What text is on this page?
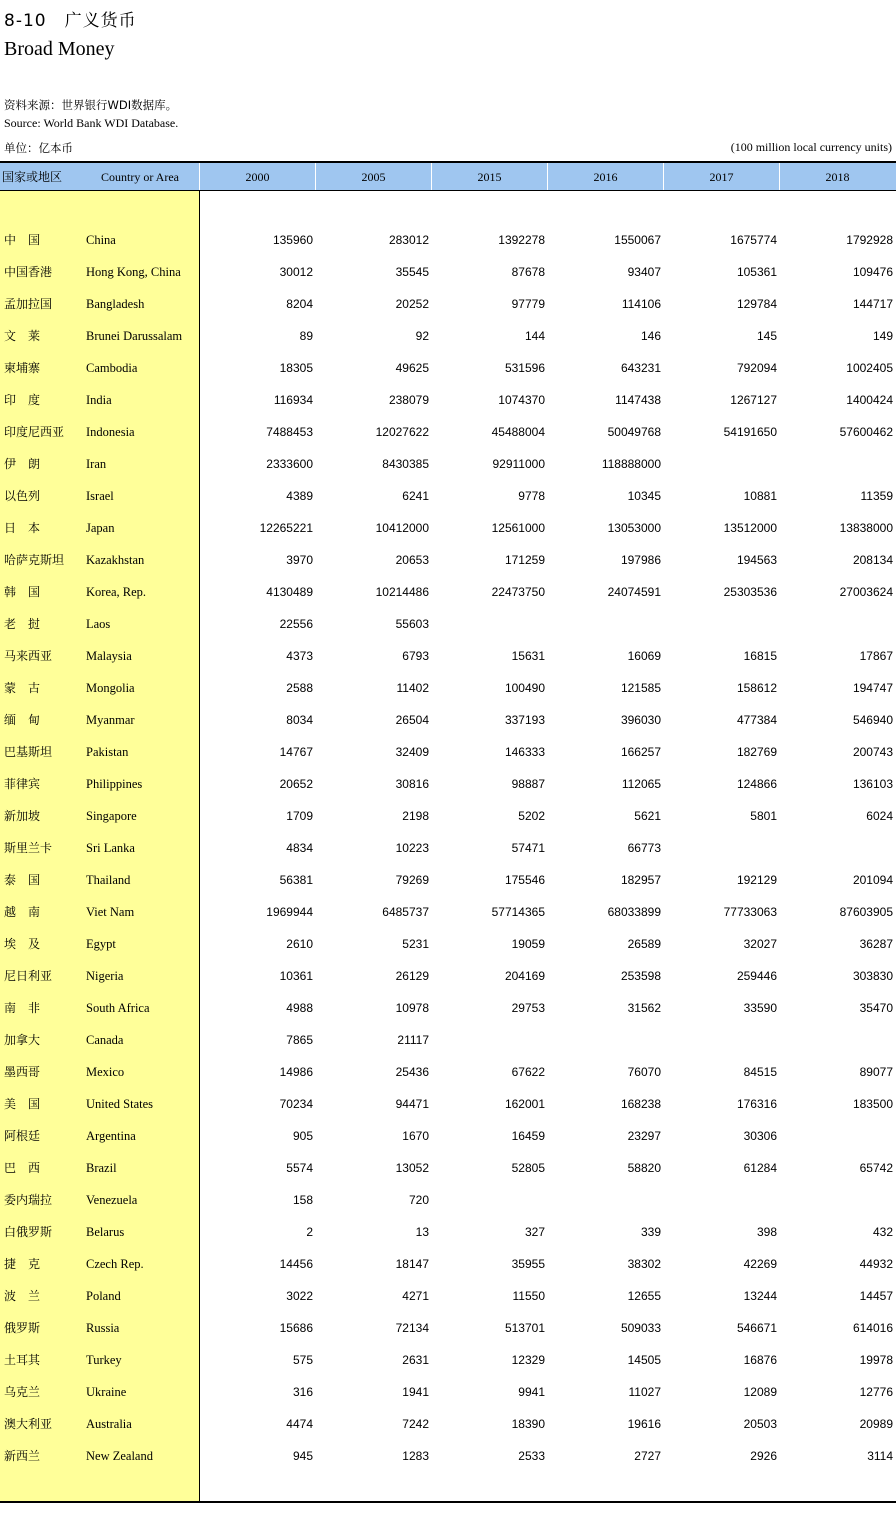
8-10　广义货币
Broad Money
资料来源：世界银行WDI数据库。
Source: World Bank WDI Database.
单位：亿本币	(100 million local currency units)
国家或地区	Country or Area	2000	2005	2015	2016	2017	2018
中　国	China	135960	283012	1392278	1550067	1675774	1792928
中国香港	Hong Kong, China	30012	35545	87678	93407	105361	109476
孟加拉国	Bangladesh	8204	20252	97779	114106	129784	144717
文　莱	Brunei Darussalam	89	92	144	146	145	149
柬埔寨	Cambodia	18305	49625	531596	643231	792094	1002405
印　度	India	116934	238079	1074370	1147438	1267127	1400424
印度尼西亚	Indonesia	7488453	12027622	45488004	50049768	54191650	57600462
伊　朗	Iran	2333600	8430385	92911000	118888000
以色列	Israel	4389	6241	9778	10345	10881	11359
日　本	Japan	12265221	10412000	12561000	13053000	13512000	13838000
哈萨克斯坦	Kazakhstan	3970	20653	171259	197986	194563	208134
韩　国	Korea, Rep.	4130489	10214486	22473750	24074591	25303536	27003624
老　挝	Laos	22556	55603
马来西亚	Malaysia	4373	6793	15631	16069	16815	17867
蒙　古	Mongolia	2588	11402	100490	121585	158612	194747
缅　甸	Myanmar	8034	26504	337193	396030	477384	546940
巴基斯坦	Pakistan	14767	32409	146333	166257	182769	200743
菲律宾	Philippines	20652	30816	98887	112065	124866	136103
新加坡	Singapore	1709	2198	5202	5621	5801	6024
斯里兰卡	Sri Lanka	4834	10223	57471	66773
泰　国	Thailand	56381	79269	175546	182957	192129	201094
越　南	Viet Nam	1969944	6485737	57714365	68033899	77733063	87603905
埃　及	Egypt	2610	5231	19059	26589	32027	36287
尼日利亚	Nigeria	10361	26129	204169	253598	259446	303830
南　非	South Africa	4988	10978	29753	31562	33590	35470
加拿大	Canada	7865	21117
墨西哥	Mexico	14986	25436	67622	76070	84515	89077
美　国	United States	70234	94471	162001	168238	176316	183500
阿根廷	Argentina	905	1670	16459	23297	30306
巴　西	Brazil	5574	13052	52805	58820	61284	65742
委内瑞拉	Venezuela	158	720
白俄罗斯	Belarus	2	13	327	339	398	432
捷　克	Czech Rep.	14456	18147	35955	38302	42269	44932
波　兰	Poland	3022	4271	11550	12655	13244	14457
俄罗斯	Russia	15686	72134	513701	509033	546671	614016
土耳其	Turkey	575	2631	12329	14505	16876	19978
乌克兰	Ukraine	316	1941	9941	11027	12089	12776
澳大利亚	Australia	4474	7242	18390	19616	20503	20989
新西兰	New Zealand	945	1283	2533	2727	2926	3114
